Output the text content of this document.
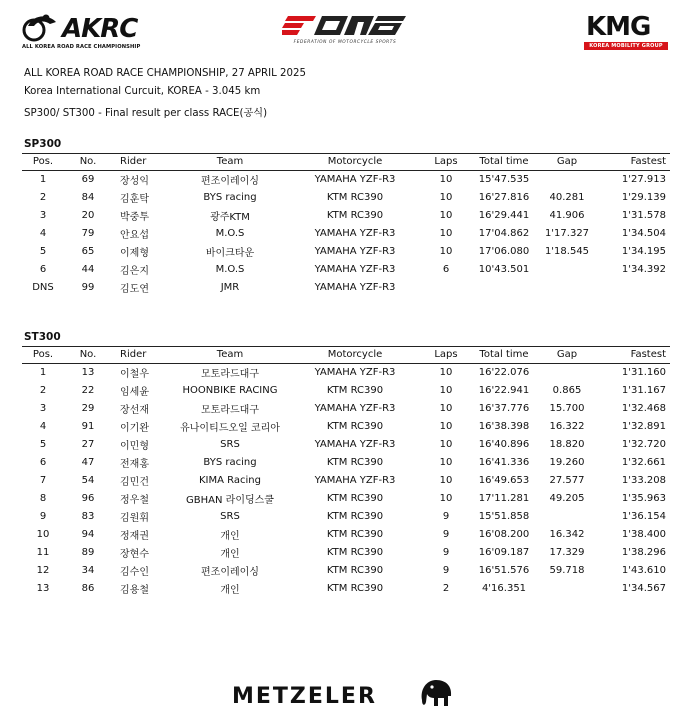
AKRC
ALL KOREA ROAD RACE CHAMPIONSHIP
FEDERATION OF MOTORCYCLE SPORTS
KMG
KOREA MOBILITY GROUP
ALL KOREA ROAD RACE CHAMPIONSHIP, 27 APRIL 2025
Korea International Curcuit, KOREA - 3.045 km
SP300/ ST300 - Final result per class RACE(공식)
SP300
Pos.	No.	Rider	Team	Motorcycle	Laps	Total time	Gap	Fastest
1	69	장성익	편조이레이싱	YAMAHA YZF-R3	10	15'47.535		1'27.913
2	84	김훈탁	BYS racing	KTM RC390	10	16'27.816	40.281	1'29.139
3	20	박중투	광주KTM	KTM RC390	10	16'29.441	41.906	1'31.578
4	79	안요섭	M.O.S	YAMAHA YZF-R3	10	17'04.862	1'17.327	1'34.504
5	65	이제형	바이크타운	YAMAHA YZF-R3	10	17'06.080	1'18.545	1'34.195
6	44	김은지	M.O.S	YAMAHA YZF-R3	6	10'43.501		1'34.392
DNS	99	김도연	JMR	YAMAHA YZF-R3				
ST300
Pos.	No.	Rider	Team	Motorcycle	Laps	Total time	Gap	Fastest
1	13	이철우	모토라드대구	YAMAHA YZF-R3	10	16'22.076		1'31.160
2	22	임세윤	HOONBIKE RACING	KTM RC390	10	16'22.941	0.865	1'31.167
3	29	장선재	모토라드대구	YAMAHA YZF-R3	10	16'37.776	15.700	1'32.468
4	91	이기완	유나이티드오일 코리아	KTM RC390	10	16'38.398	16.322	1'32.891
5	27	이민형	SRS	YAMAHA YZF-R3	10	16'40.896	18.820	1'32.720
6	47	전재홍	BYS racing	KTM RC390	10	16'41.336	19.260	1'32.661
7	54	김민건	KIMA Racing	YAMAHA YZF-R3	10	16'49.653	27.577	1'33.208
8	96	정우철	GBHAN 라이딩스쿨	KTM RC390	10	17'11.281	49.205	1'35.963
9	83	김원휘	SRS	KTM RC390	9	15'51.858		1'36.154
10	94	정재권	개인	KTM RC390	9	16'08.200	16.342	1'38.400
11	89	장현수	개인	KTM RC390	9	16'09.187	17.329	1'38.296
12	34	김수인	편조이레이싱	KTM RC390	9	16'51.576	59.718	1'43.610
13	86	김용철	개인	KTM RC390	2	4'16.351		1'34.567
METZELER
